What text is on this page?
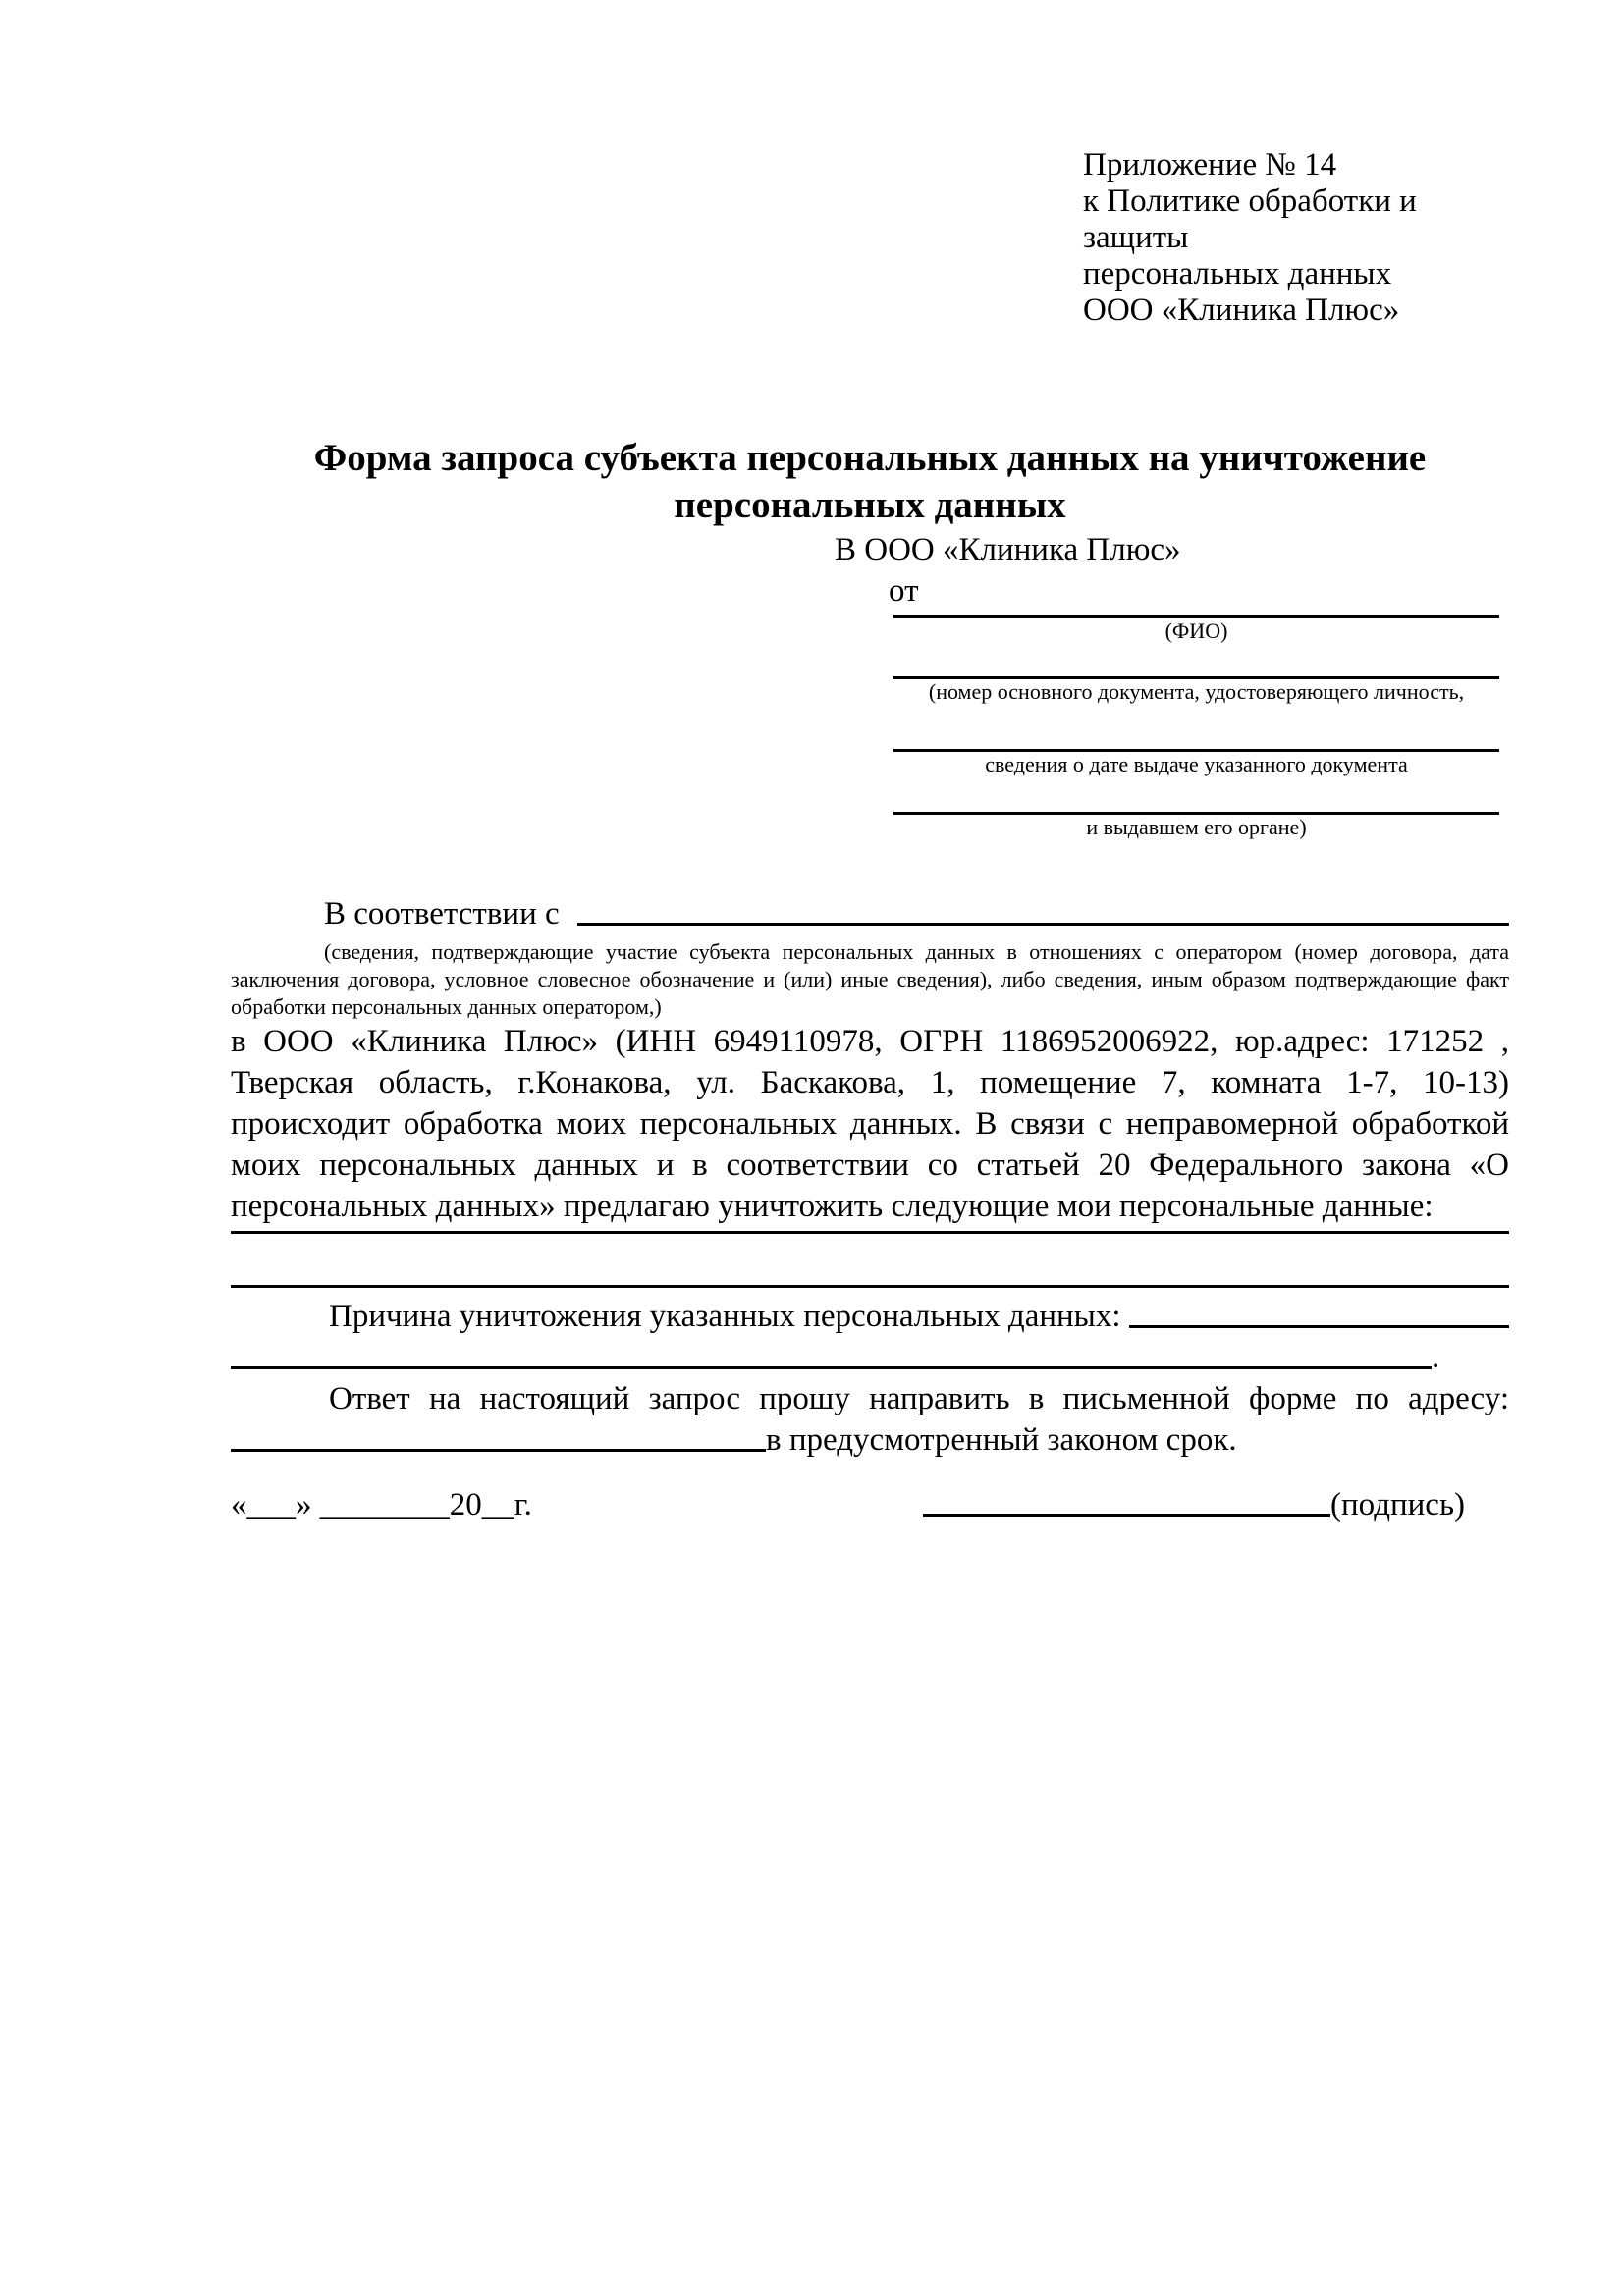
Приложение № 14
к Политике обработки и защиты
персональных данных
ООО «Клиника Плюс»
Форма запроса субъекта персональных данных на уничтожение
персональных данных
В ООО «Клиника Плюс»
от
(ФИО)
(номер основного документа, удостоверяющего личность,
сведения о дате выдаче указанного документа
и выдавшем его органе)
В соответствии с
(сведения, подтверждающие участие субъекта персональных данных в отношениях с оператором (номер договора, дата
заключения договора, условное словесное обозначение и (или) иные сведения), либо сведения, иным образом подтверждающие факт
обработки персональных данных оператором,)
в ООО «Клиника Плюс» (ИНН 6949110978, ОГРН 1186952006922, юр.адрес: 171252 ,
Тверская область, г.Конакова, ул. Баскакова, 1, помещение 7, комната 1-7, 10-13)
происходит обработка моих персональных данных. В связи с неправомерной обработкой
моих персональных данных и в соответствии со статьей 20 Федерального закона «О
персональных данных» предлагаю уничтожить следующие мои персональные данные:
Причина уничтожения указанных персональных данных:
.
Ответ на настоящий запрос прошу направить в письменной форме по адресу:
в предусмотренный законом срок.
«___» ________20__г.	(подпись)
